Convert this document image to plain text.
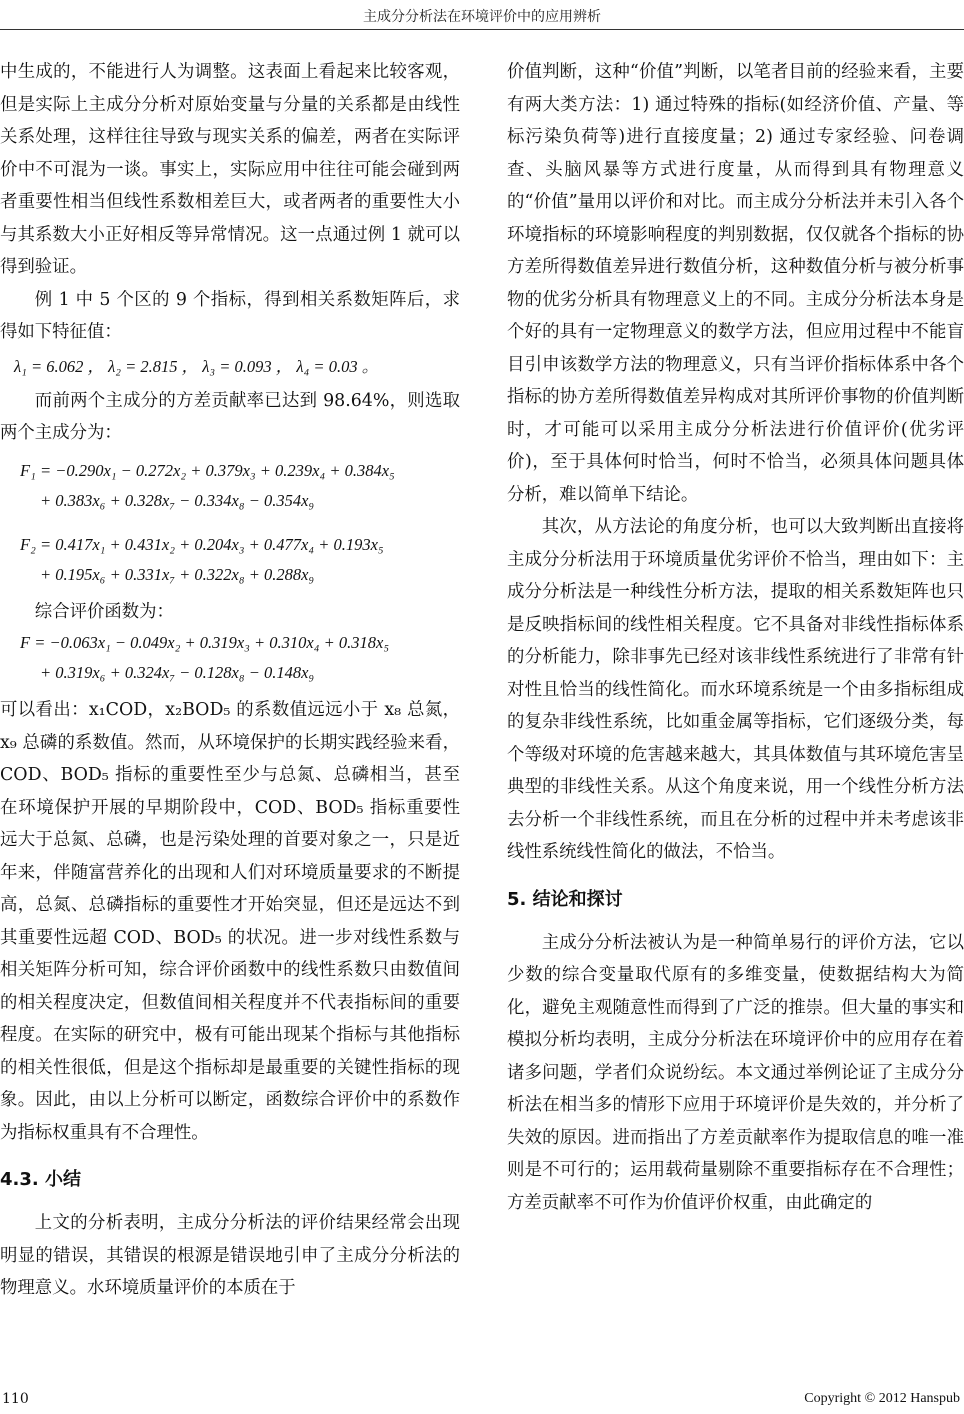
主成分分析法在环境评价中的应用辨析

中生成的，不能进行人为调整。这表面上看起来比较客观，但是实际上主成分分析对原始变量与分量的关系都是由线性关系处理，这样往往导致与现实关系的偏差，两者在实际评价中不可混为一谈。事实上，实际应用中往往可能会碰到两者重要性相当但线性系数相差巨大，或者两者的重要性大小与其系数大小正好相反等异常情况。这一点通过例 1 就可以得到验证。

例 1 中 5 个区的 9 个指标，得到相关系数矩阵后，求得如下特征值：

λ₁ = 6.062 ， λ₂ = 2.815 ， λ₃ = 0.093 ， λ₄ = 0.03 。

而前两个主成分的方差贡献率已达到 98.64%，则选取两个主成分为：

F₁ = −0.290x₁ − 0.272x₂ + 0.379x₃ + 0.239x₄ + 0.384x₅

+ 0.383x₆ + 0.328x₇ − 0.334x₈ − 0.354x₉

F₂ = 0.417x₁ + 0.431x₂ + 0.204x₃ + 0.477x₄ + 0.193x₅

+ 0.195x₆ + 0.331x₇ + 0.322x₈ + 0.288x₉

综合评价函数为：

F = −0.063x₁ − 0.049x₂ + 0.319x₃ + 0.310x₄ + 0.318x₅

+ 0.319x₆ + 0.324x₇ − 0.128x₈ − 0.148x₉

可以看出：x₁COD，x₂BOD₅ 的系数值远远小于 x₈ 总氮，x₉ 总磷的系数值。然而，从环境保护的长期实践经验来看，COD、BOD₅ 指标的重要性至少与总氮、总磷相当，甚至在环境保护开展的早期阶段中，COD、BOD₅ 指标重要性远大于总氮、总磷，也是污染处理的首要对象之一，只是近年来，伴随富营养化的出现和人们对环境质量要求的不断提高，总氮、总磷指标的重要性才开始突显，但还是远达不到其重要性远超 COD、BOD₅ 的状况。进一步对线性系数与相关矩阵分析可知，综合评价函数中的线性系数只由数值间的相关程度决定，但数值间相关程度并不代表指标间的重要程度。在实际的研究中，极有可能出现某个指标与其他指标的相关性很低，但是这个指标却是最重要的关键性指标的现象。因此，由以上分析可以断定，函数综合评价中的系数作为指标权重具有不合理性。

4.3. 小结

上文的分析表明，主成分分析法的评价结果经常会出现明显的错误，其错误的根源是错误地引申了主成分分析法的物理意义。水环境质量评价的本质在于

价值判断，这种“价值”判断，以笔者目前的经验来看，主要有两大类方法：1) 通过特殊的指标(如经济价值、产量、等标污染负荷等)进行直接度量；2) 通过专家经验、问卷调查、头脑风暴等方式进行度量，从而得到具有物理意义的“价值”量用以评价和对比。而主成分分析法并未引入各个环境指标的环境影响程度的判别数据，仅仅就各个指标的协方差所得数值差异进行数值分析，这种数值分析与被分析事物的优劣分析具有物理意义上的不同。主成分分析法本身是个好的具有一定物理意义的数学方法，但应用过程中不能盲目引申该数学方法的物理意义，只有当评价指标体系中各个指标的协方差所得数值差异构成对其所评价事物的价值判断时，才可能可以采用主成分分析法进行价值评价(优劣评价)，至于具体何时恰当，何时不恰当，必须具体问题具体分析，难以简单下结论。

其次，从方法论的角度分析，也可以大致判断出直接将主成分分析法用于环境质量优劣评价不恰当，理由如下：主成分分析法是一种线性分析方法，提取的相关系数矩阵也只是反映指标间的线性相关程度。它不具备对非线性指标体系的分析能力，除非事先已经对该非线性系统进行了非常有针对性且恰当的线性简化。而水环境系统是一个由多指标组成的复杂非线性系统，比如重金属等指标，它们逐级分类，每个等级对环境的危害越来越大，其具体数值与其环境危害呈典型的非线性关系。从这个角度来说，用一个线性分析方法去分析一个非线性系统，而且在分析的过程中并未考虑该非线性系统线性简化的做法，不恰当。

5. 结论和探讨

主成分分析法被认为是一种简单易行的评价方法，它以少数的综合变量取代原有的多维变量，使数据结构大为简化，避免主观随意性而得到了广泛的推崇。但大量的事实和模拟分析均表明，主成分分析法在环境评价中的应用存在着诸多问题，学者们众说纷纭。本文通过举例论证了主成分分析法在相当多的情形下应用于环境评价是失效的，并分析了失效的原因。进而指出了方差贡献率作为提取信息的唯一准则是不可行的；运用载荷量剔除不重要指标存在不合理性；方差贡献率不可作为价值评价权重，由此确定的

110	Copyright © 2012 Hanspub
